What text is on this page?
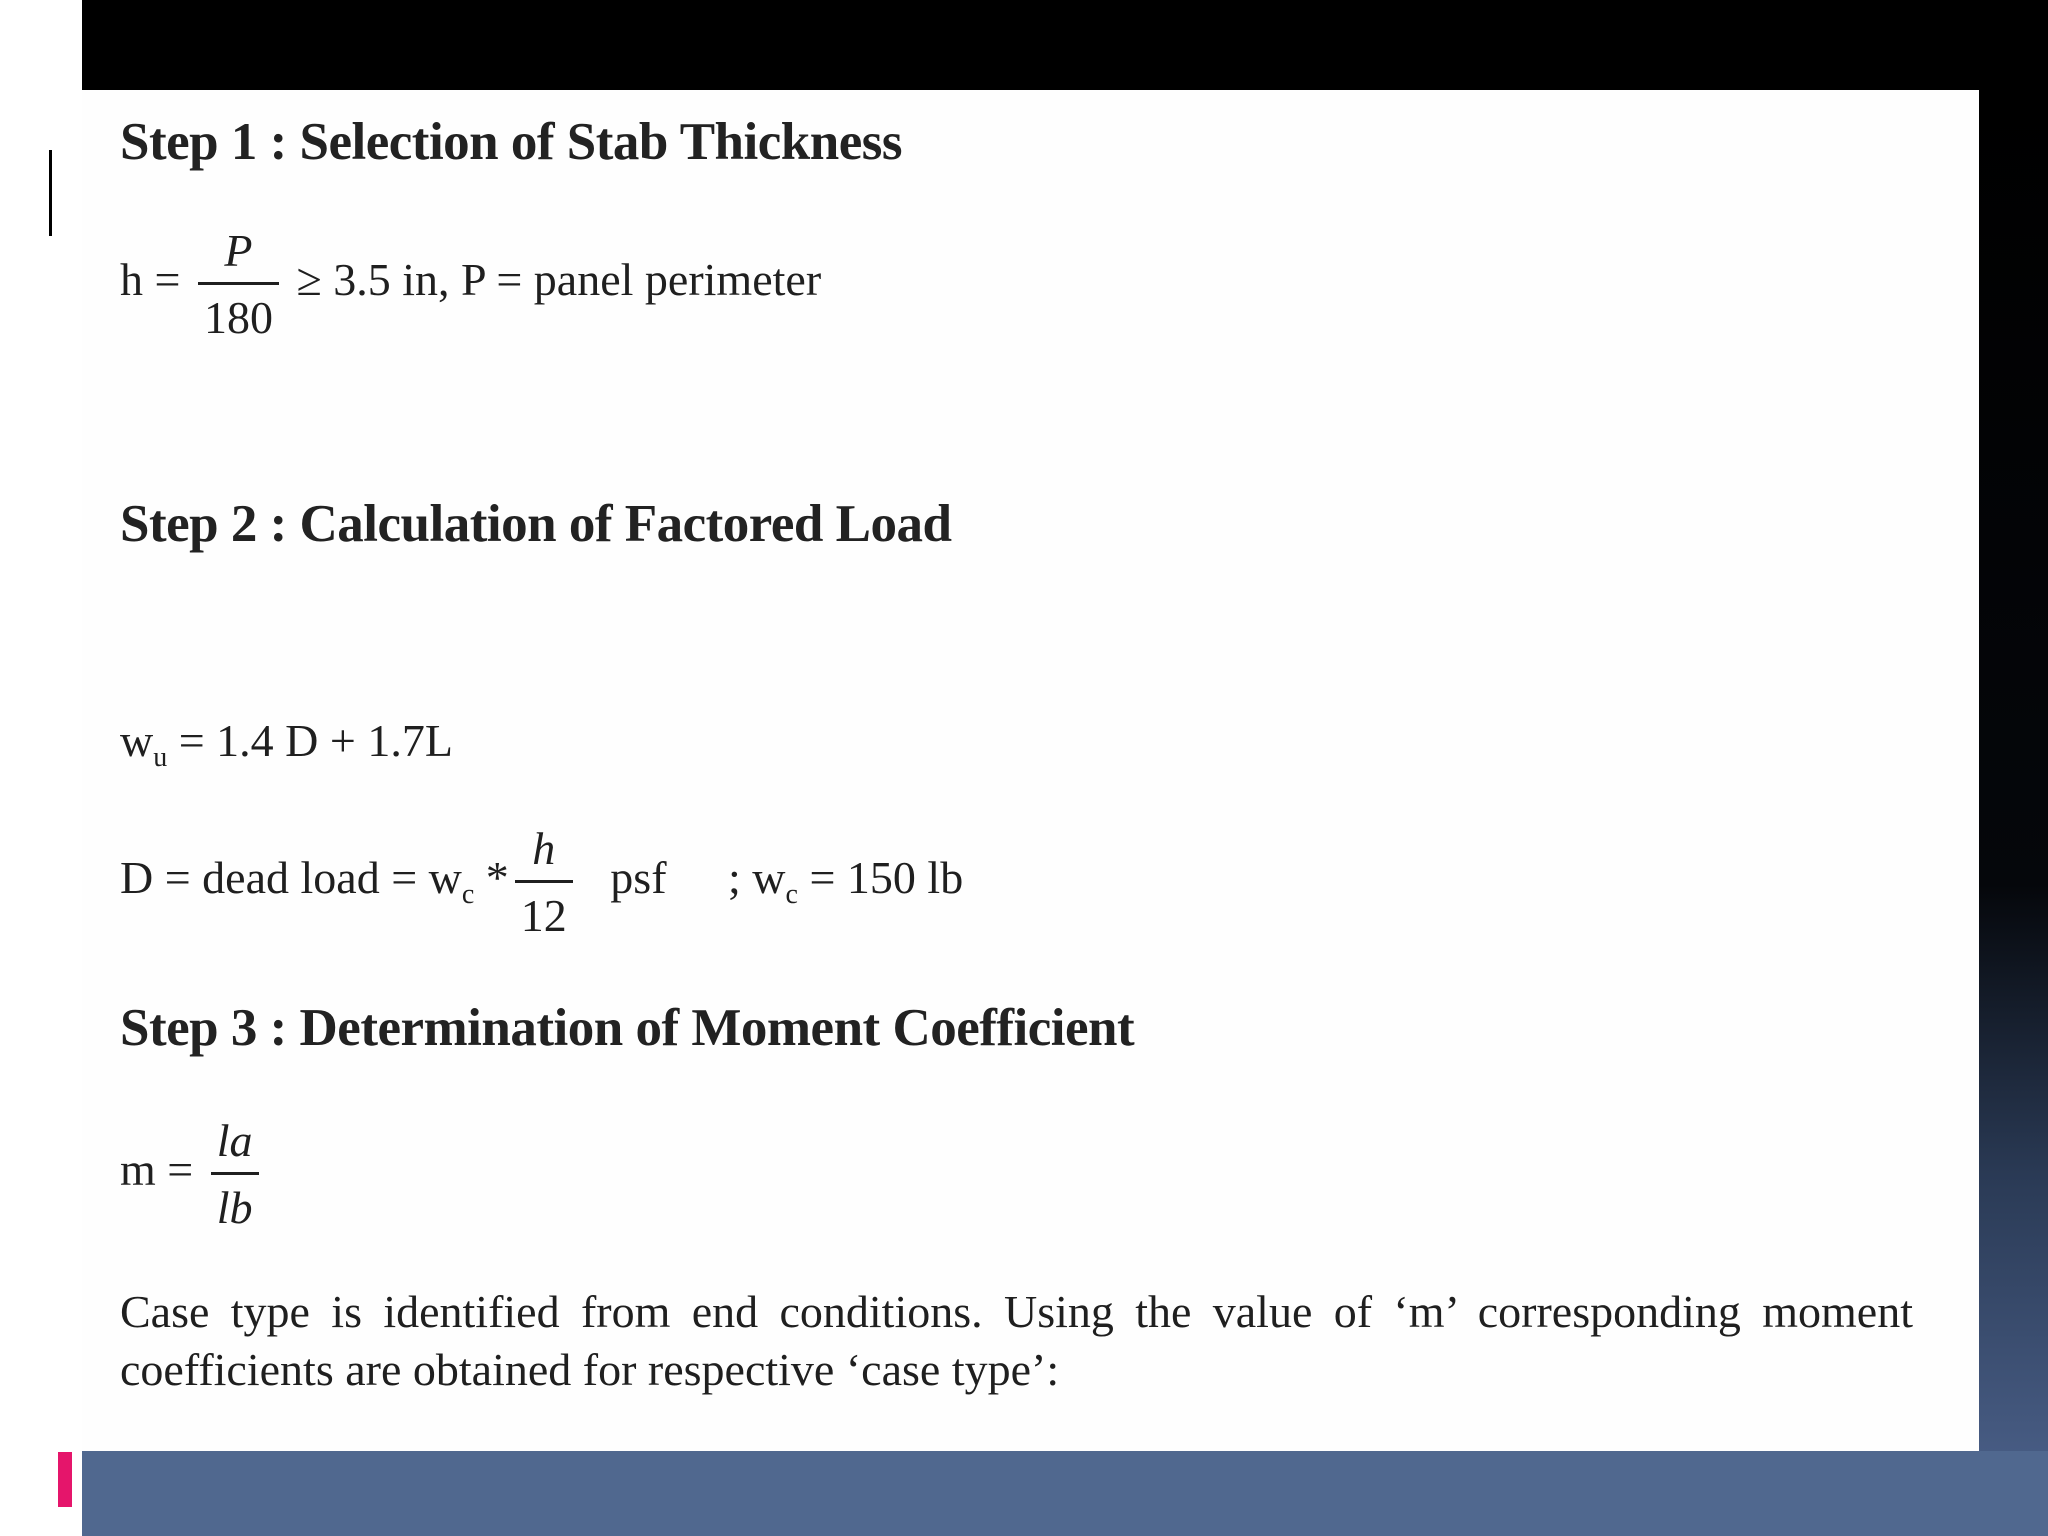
Step 1 : Selection of Stab Thickness
$h = \frac{P}{180} \ge 3.5$ in, P = panel perimeter
Step 2 : Calculation of Factored Load
$w_u = 1.4$ D + 1.7L
D = dead load = $w_c * \frac{h}{12}$ psf ; $w_c = 150$ lb
Step 3 : Determination of Moment Coefficient
$m = \frac{la}{lb}$

Case type is identified from end conditions. Using the value of ‘m’ corresponding moment
coefficients are obtained for respective ‘case type’:
